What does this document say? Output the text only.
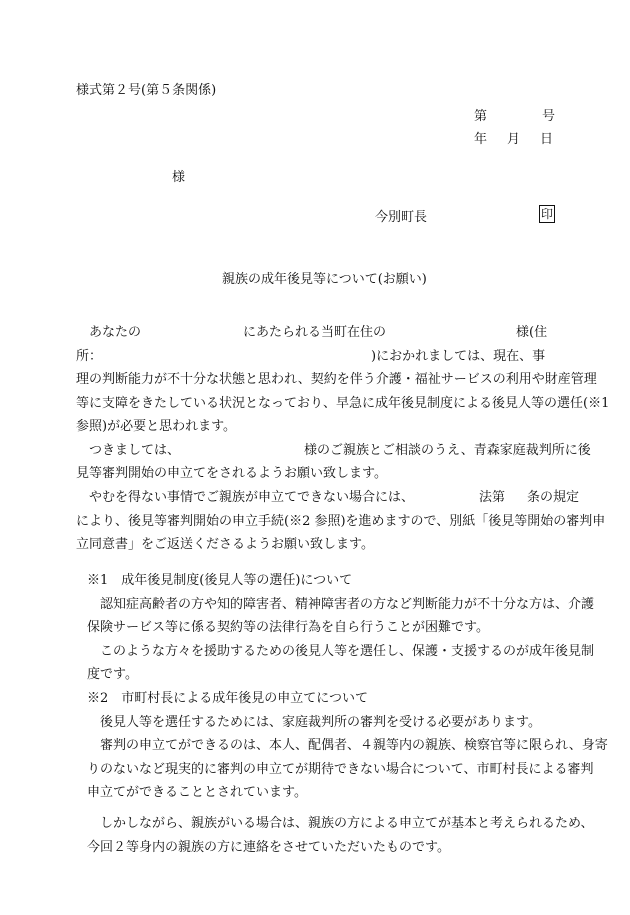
様式第２号(第５条関係)
第	号
年 月 日
様
今別町長	印
親族の成年後見等について(お願い)
あなたの	にあたられる当町在住の	様(住
所：	)におかれましては、現在、事
理の判断能力が不十分な状態と思われ、契約を伴う介護・福祉サービスの利用や財産管理
等に支障をきたしている状況となっており、早急に成年後見制度による後見人等の選任(※1
参照)が必要と思われます。
つきましては、	様のご親族とご相談のうえ、青森家庭裁判所に後
見等審判開始の申立てをされるようお願い致します。
やむを得ない事情でご親族が申立てできない場合には、	法第 条の規定
により、後見等審判開始の申立手続(※2 参照)を進めますので、別紙「後見等開始の審判申
立同意書」をご返送くださるようお願い致します。
※1　成年後見制度(後見人等の選任)について
認知症高齢者の方や知的障害者、精神障害者の方など判断能力が不十分な方は、介護
保険サービス等に係る契約等の法律行為を自ら行うことが困難です。
このような方々を援助するための後見人等を選任し、保護・支援するのが成年後見制
度です。
※2　市町村長による成年後見の申立てについて
後見人等を選任するためには、家庭裁判所の審判を受ける必要があります。
審判の申立てができるのは、本人、配偶者、４親等内の親族、検察官等に限られ、身寄
りのないなど現実的に審判の申立てが期待できない場合について、市町村長による審判
申立てができることとされています。
しかしながら、親族がいる場合は、親族の方による申立てが基本と考えられるため、
今回２等身内の親族の方に連絡をさせていただいたものです。
